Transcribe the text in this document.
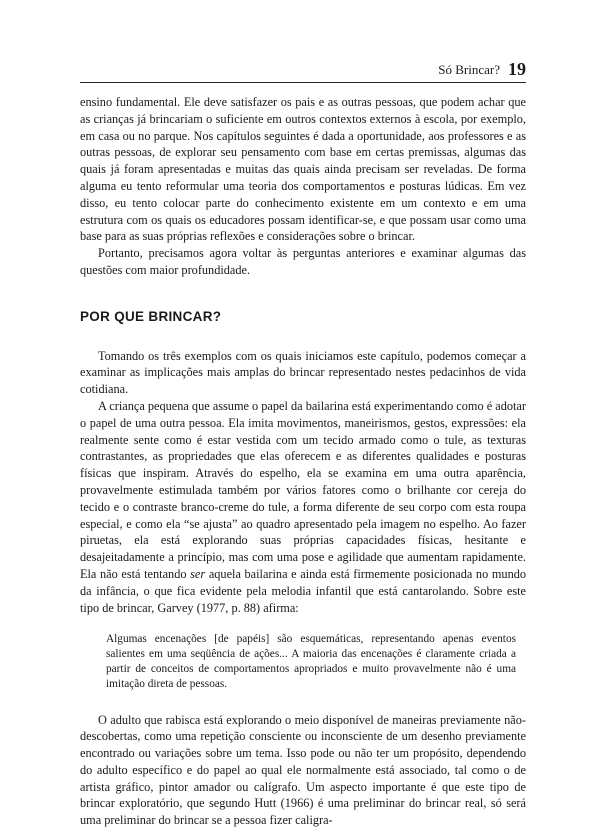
Só Brincar? 19

ensino fundamental. Ele deve satisfazer os pais e as outras pessoas, que podem achar que as crianças já brincariam o suficiente em outros contextos externos à escola, por exemplo, em casa ou no parque. Nos capítulos seguintes é dada a oportunidade, aos professores e as outras pessoas, de explorar seu pensamento com base em certas premissas, algumas das quais já foram apresentadas e muitas das quais ainda precisam ser reveladas. De forma alguma eu tento reformular uma teoria dos comportamentos e posturas lúdicas. Em vez disso, eu tento colocar parte do conhecimento existente em um contexto e em uma estrutura com os quais os educadores possam identificar-se, e que possam usar como uma base para as suas próprias reflexões e considerações sobre o brincar.

Portanto, precisamos agora voltar às perguntas anteriores e examinar algumas das questões com maior profundidade.

POR QUE BRINCAR?

Tomando os três exemplos com os quais iniciamos este capítulo, podemos começar a examinar as implicações mais amplas do brincar representado nestes pedacinhos de vida cotidiana.

A criança pequena que assume o papel da bailarina está experimentando como é adotar o papel de uma outra pessoa. Ela imita movimentos, maneirismos, gestos, expressões: ela realmente sente como é estar vestida com um tecido armado como o tule, as texturas contrastantes, as propriedades que elas oferecem e as diferentes qualidades e posturas físicas que inspiram. Através do espelho, ela se examina em uma outra aparência, provavelmente estimulada também por vários fatores como o brilhante cor cereja do tecido e o contraste branco-creme do tule, a forma diferente de seu corpo com esta roupa especial, e como ela “se ajusta” ao quadro apresentado pela imagem no espelho. Ao fazer piruetas, ela está explorando suas próprias capacidades físicas, hesitante e desajeitadamente a princípio, mas com uma pose e agilidade que aumentam rapidamente. Ela não está tentando ser aquela bailarina e ainda está firmemente posicionada no mundo da infância, o que fica evidente pela melodia infantil que está cantarolando. Sobre este tipo de brincar, Garvey (1977, p. 88) afirma:

Algumas encenações [de papéis] são esquemáticas, representando apenas eventos salientes em uma seqüência de ações... A maioria das encenações é claramente criada a partir de conceitos de comportamentos apropriados e muito provavelmente não é uma imitação direta de pessoas.

O adulto que rabisca está explorando o meio disponível de maneiras previamente não-descobertas, como uma repetição consciente ou inconsciente de um desenho previamente encontrado ou variações sobre um tema. Isso pode ou não ter um propósito, dependendo do adulto específico e do papel ao qual ele normalmente está associado, tal como o de artista gráfico, pintor amador ou calígrafo. Um aspecto importante é que este tipo de brincar exploratório, que segundo Hutt (1966) é uma preliminar do brincar real, só será uma preliminar do brincar se a pessoa fizer caligra-
